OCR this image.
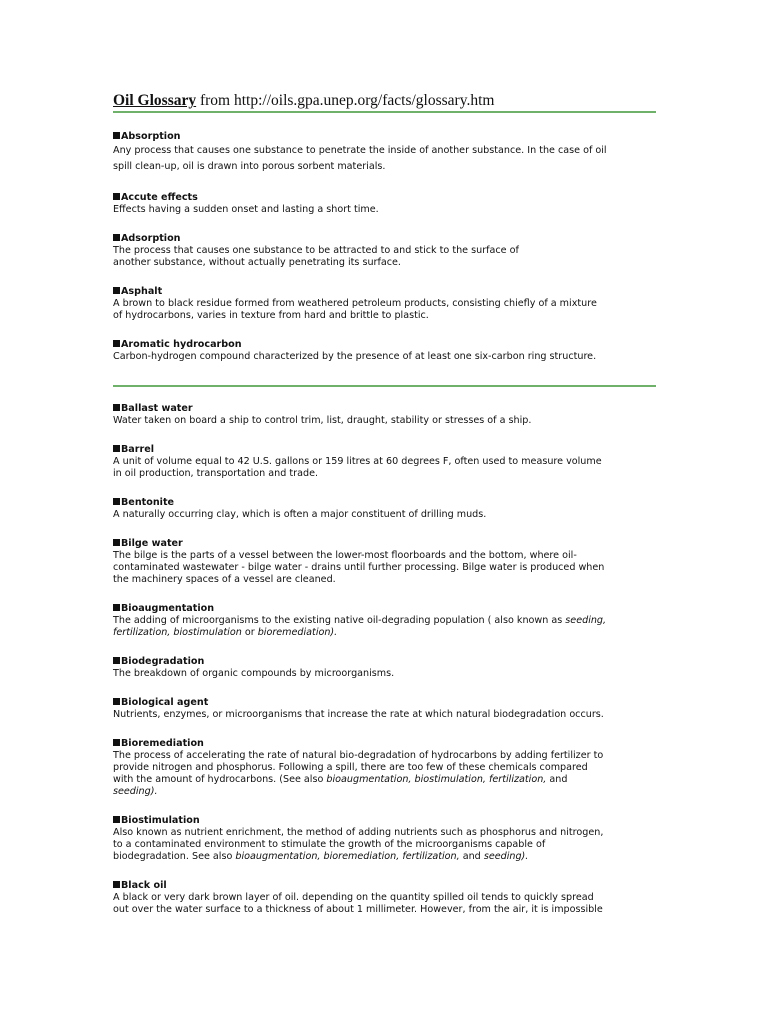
Oil Glossary from http://oils.gpa.unep.org/facts/glossary.htm
Absorption
Any process that causes one substance to penetrate the inside of another substance. In the case of oil
spill clean-up, oil is drawn into porous sorbent materials.
Accute effects
Effects having a sudden onset and lasting a short time.
Adsorption
The process that causes one substance to be attracted to and stick to the surface of
another substance, without actually penetrating its surface.
Asphalt
A brown to black residue formed from weathered petroleum products, consisting chiefly of a mixture
of hydrocarbons, varies in texture from hard and brittle to plastic.
Aromatic hydrocarbon
Carbon-hydrogen compound characterized by the presence of at least one six-carbon ring structure.
Ballast water
Water taken on board a ship to control trim, list, draught, stability or stresses of a ship.
Barrel
A unit of volume equal to 42 U.S. gallons or 159 litres at 60 degrees F, often used to measure volume
in oil production, transportation and trade.
Bentonite
A naturally occurring clay, which is often a major constituent of drilling muds.
Bilge water
The bilge is the parts of a vessel between the lower-most floorboards and the bottom, where oil-
contaminated wastewater - bilge water - drains until further processing. Bilge water is produced when
the machinery spaces of a vessel are cleaned.
Bioaugmentation
The adding of microorganisms to the existing native oil-degrading population ( also known as seeding,
fertilization, biostimulation or bioremediation).
Biodegradation
The breakdown of organic compounds by microorganisms.
Biological agent
Nutrients, enzymes, or microorganisms that increase the rate at which natural biodegradation occurs.
Bioremediation
The process of accelerating the rate of natural bio-degradation of hydrocarbons by adding fertilizer to
provide nitrogen and phosphorus. Following a spill, there are too few of these chemicals compared
with the amount of hydrocarbons. (See also bioaugmentation, biostimulation, fertilization, and
seeding).
Biostimulation
Also known as nutrient enrichment, the method of adding nutrients such as phosphorus and nitrogen,
to a contaminated environment to stimulate the growth of the microorganisms capable of
biodegradation. See also bioaugmentation, bioremediation, fertilization, and seeding).
Black oil
A black or very dark brown layer of oil. depending on the quantity spilled oil tends to quickly spread
out over the water surface to a thickness of about 1 millimeter. However, from the air, it is impossible
